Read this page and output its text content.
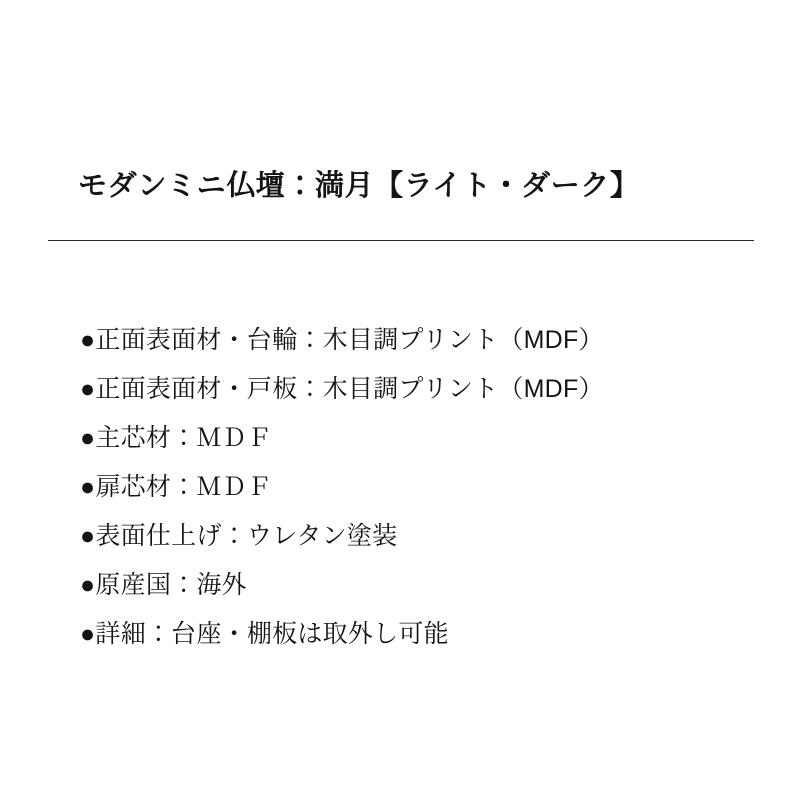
モダンミニ仏壇：満月【ライト・ダーク】
●正面表面材・台輪：木目調プリント（MDF）
●正面表面材・戸板：木目調プリント（MDF）
●主芯材：ＭＤＦ
●扉芯材：ＭＤＦ
●表面仕上げ：ウレタン塗装
●原産国：海外
●詳細：台座・棚板は取外し可能
